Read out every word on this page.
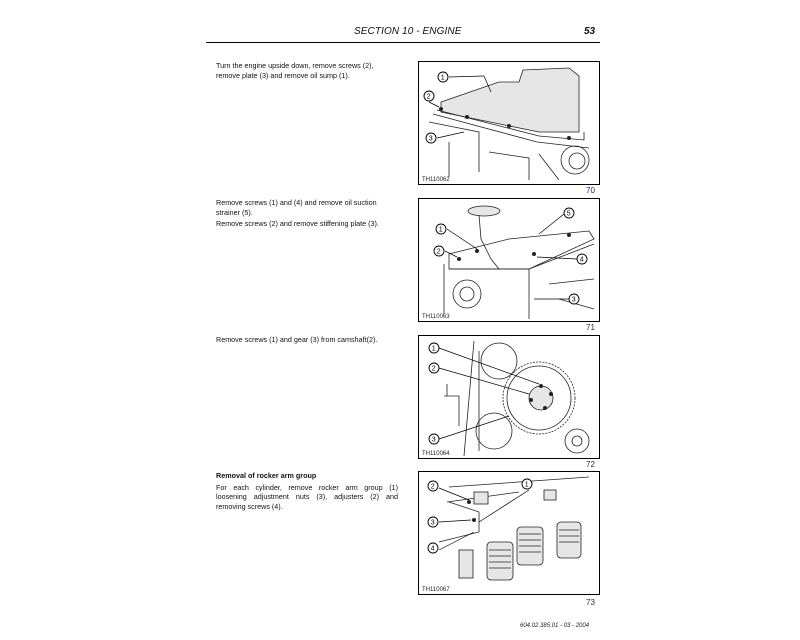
SECTION 10 - ENGINE	53

Turn the engine upside down, remove screws (2), remove plate (3) and remove oil sump (1).	1
2
3
TH110062
70

Remove screws (1) and (4) and remove oil suction strainer (5).

Remove screws (2) and remove stiffening plate (3).

1
2
3
4
5
TH110063
71

Remove screws (1) and gear (3) from camshaft(2).

1
2
3
TH110064
72

Removal of rocker arm group

For each cylinder, remove rocker arm group (1) loosening adjustment nuts (3), adjusters (2) and removing screws (4).

2
3
4
1
TH110067
73
604.02.385.01 - 03 - 2004
